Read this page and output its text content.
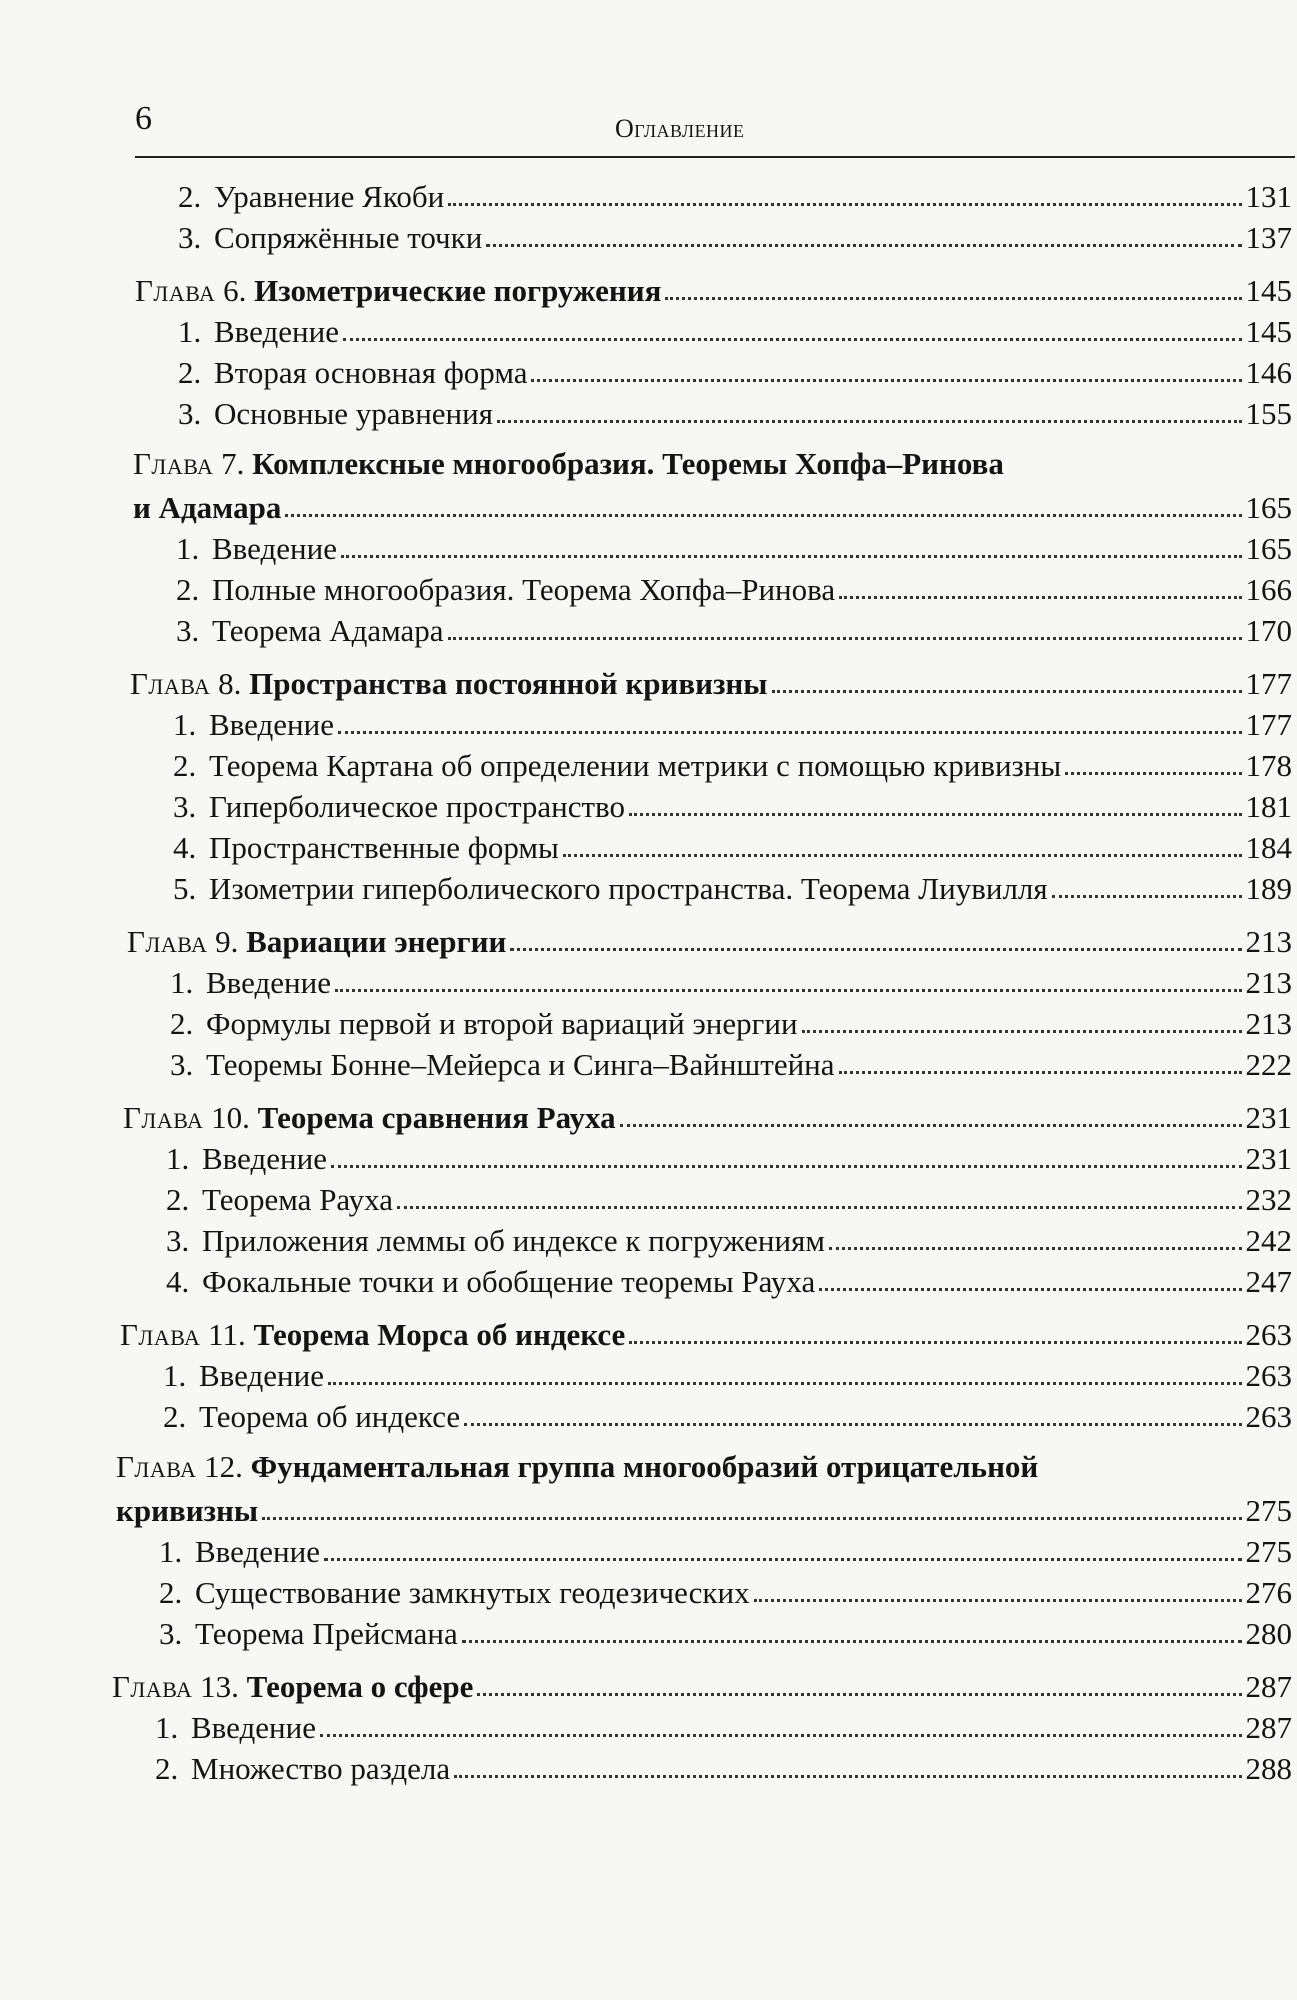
6	Оглавление
2. Уравнение Якоби	131
3. Сопряжённые точки	137
Глава 6. Изометрические погружения	145
1. Введение	145
2. Вторая основная форма	146
3. Основные уравнения	155
Глава 7. Комплексные многообразия. Теоремы Хопфа–Ринова
и Адамара	165
1. Введение	165
2. Полные многообразия. Теорема Хопфа–Ринова	166
3. Теорема Адамара	170
Глава 8. Пространства постоянной кривизны	177
1. Введение	177
2. Теорема Картана об определении метрики с помощью кривизны	178
3. Гиперболическое пространство	181
4. Пространственные формы	184
5. Изометрии гиперболического пространства. Теорема Лиувилля	189
Глава 9. Вариации энергии	213
1. Введение	213
2. Формулы первой и второй вариаций энергии	213
3. Теоремы Бонне–Мейерса и Синга–Вайнштейна	222
Глава 10. Теорема сравнения Рауха	231
1. Введение	231
2. Теорема Рауха	232
3. Приложения леммы об индексе к погружениям	242
4. Фокальные точки и обобщение теоремы Рауха	247
Глава 11. Теорема Морса об индексе	263
1. Введение	263
2. Теорема об индексе	263
Глава 12. Фундаментальная группа многообразий отрицательной
кривизны	275
1. Введение	275
2. Существование замкнутых геодезических	276
3. Теорема Прейсмана	280
Глава 13. Теорема о сфере	287
1. Введение	287
2. Множество раздела	288
